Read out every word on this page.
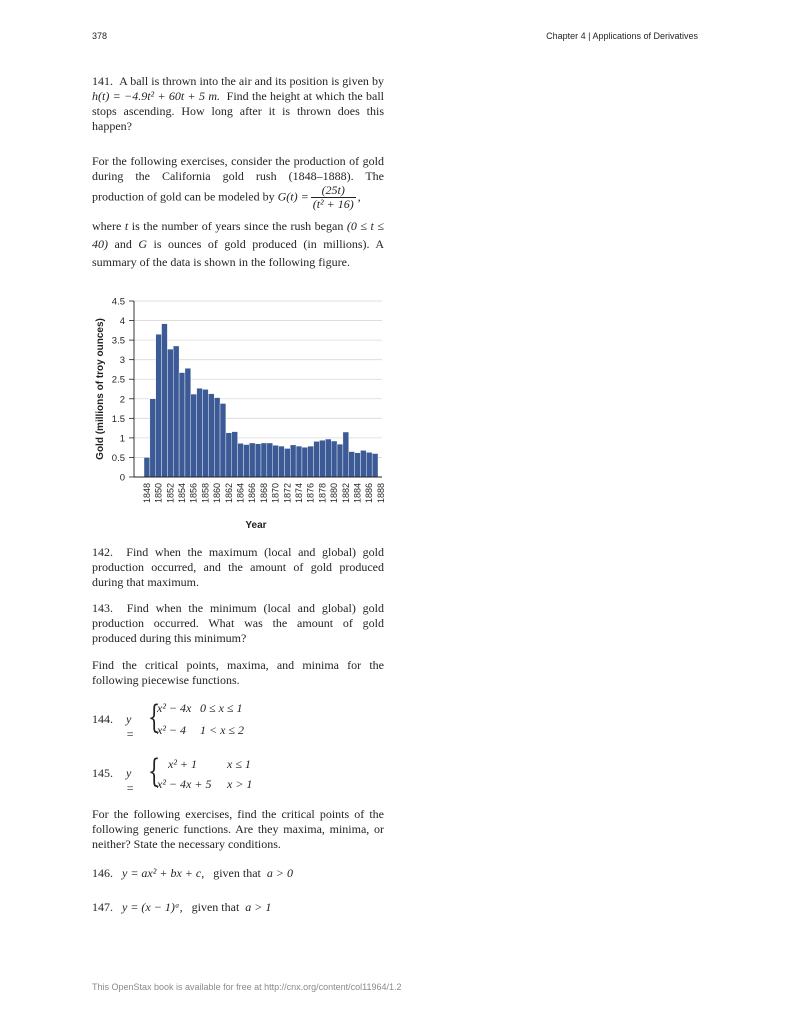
378	Chapter 4 | Applications of Derivatives

141. A ball is thrown into the air and its position is given by h(t) = −4.9t² + 60t + 5 m. Find the height at which the ball stops ascending. How long after it is thrown does this happen?

For the following exercises, consider the production of gold during the California gold rush (1848–1888). The production of gold can be modeled by $G(t) = \frac{(25t)}{\text{(t² + 16)}}$ ,

where t is the number of years since the rush began (0 ≤ t ≤ 40) and G is ounces of gold produced (in millions). A summary of the data is shown in the following figure.

0
0.5
1
1.5
2
2.5
3
3.5
4
4.5
1848 1850 1852 1854 1856 1858 1860 1862 1864 1866 1868 1870 1872 1874 1876 1878 1880 1882 1884 1886 1888
Year
Gold (millions of troy ounces)

142. Find when the maximum (local and global) gold production occurred, and the amount of gold produced during that maximum.

143. Find when the minimum (local and global) gold production occurred. What was the amount of gold produced during this minimum?

Find the critical points, maxima, and minima for the following piecewise functions.

144. y = {
x² − 4x 0 ≤ x ≤ 1
x² − 4 1 < x ≤ 2
145. y = { x² + 1 x ≤ 1
x² − 4x + 5 x > 1

For the following exercises, find the critical points of the following generic functions. Are they maxima, minima, or neither? State the necessary conditions.

146. y = ax² + bx + c, given that a > 0
147. y = (x − 1)ᵃ, given that a > 1
This OpenStax book is available for free at http://cnx.org/content/col11964/1.2
